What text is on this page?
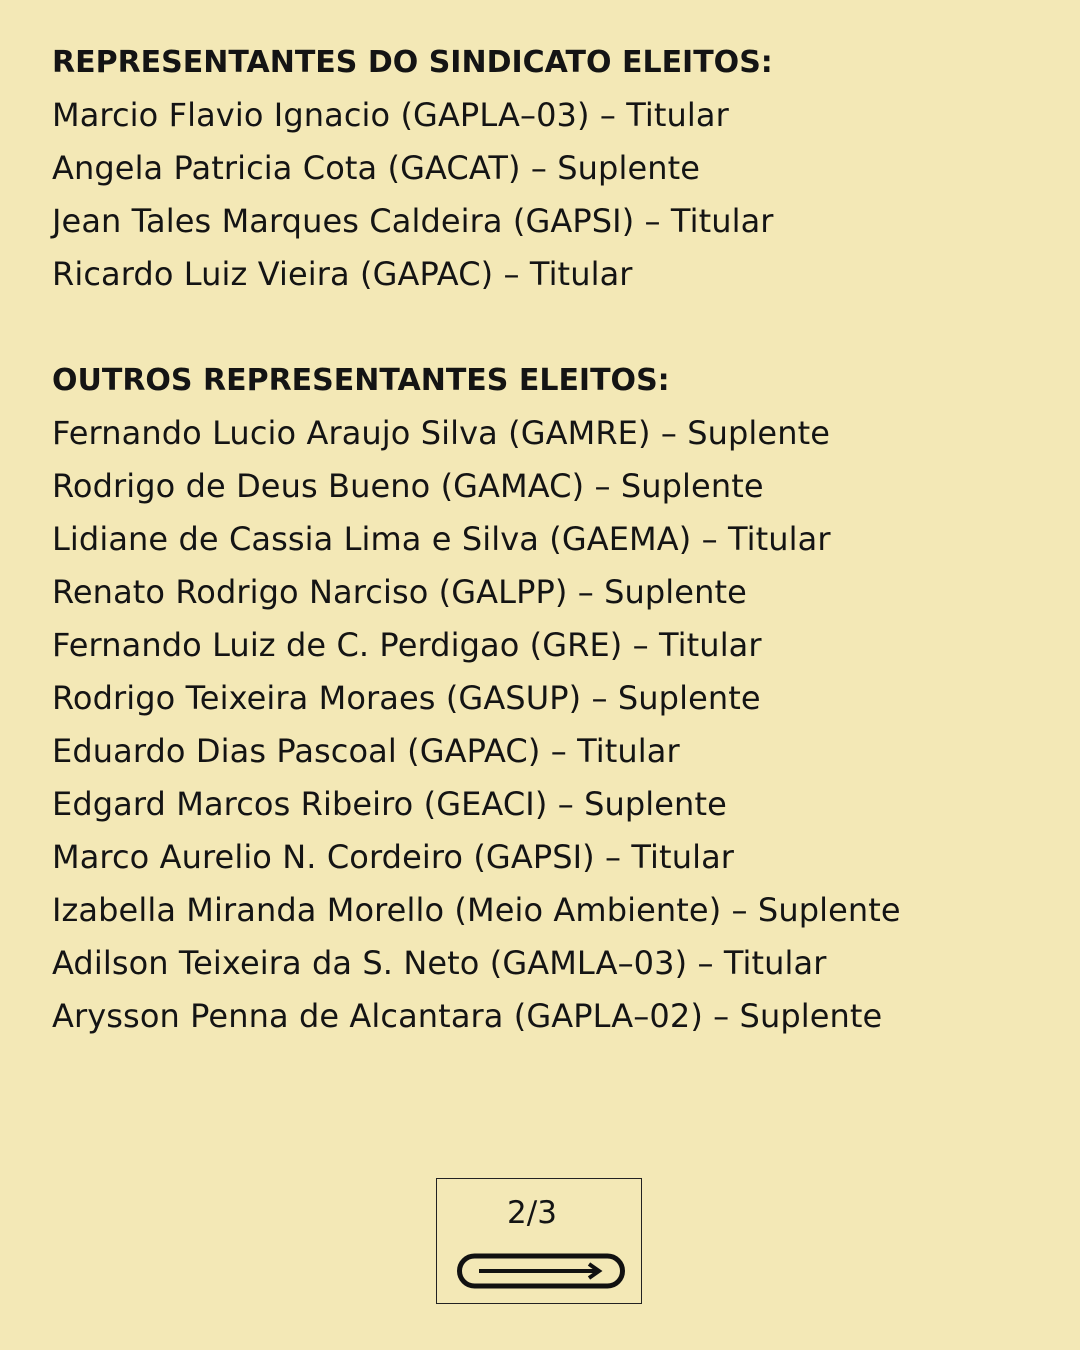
REPRESENTANTES DO SINDICATO ELEITOS:
Marcio Flavio Ignacio (GAPLA–03) – Titular
Angela Patricia Cota (GACAT) – Suplente
Jean Tales Marques Caldeira (GAPSI) – Titular
Ricardo Luiz Vieira (GAPAC) – Titular
OUTROS REPRESENTANTES ELEITOS:
Fernando Lucio Araujo Silva (GAMRE) – Suplente
Rodrigo de Deus Bueno (GAMAC) – Suplente
Lidiane de Cassia Lima e Silva (GAEMA) – Titular
Renato Rodrigo Narciso (GALPP) – Suplente
Fernando Luiz de C. Perdigao (GRE) – Titular
Rodrigo Teixeira Moraes (GASUP) – Suplente
Eduardo Dias Pascoal (GAPAC) – Titular
Edgard Marcos Ribeiro (GEACI) – Suplente
Marco Aurelio N. Cordeiro (GAPSI) – Titular
Izabella Miranda Morello (Meio Ambiente) – Suplente
Adilson Teixeira da S. Neto (GAMLA–03) – Titular
Arysson Penna de Alcantara (GAPLA–02) – Suplente
2/3
